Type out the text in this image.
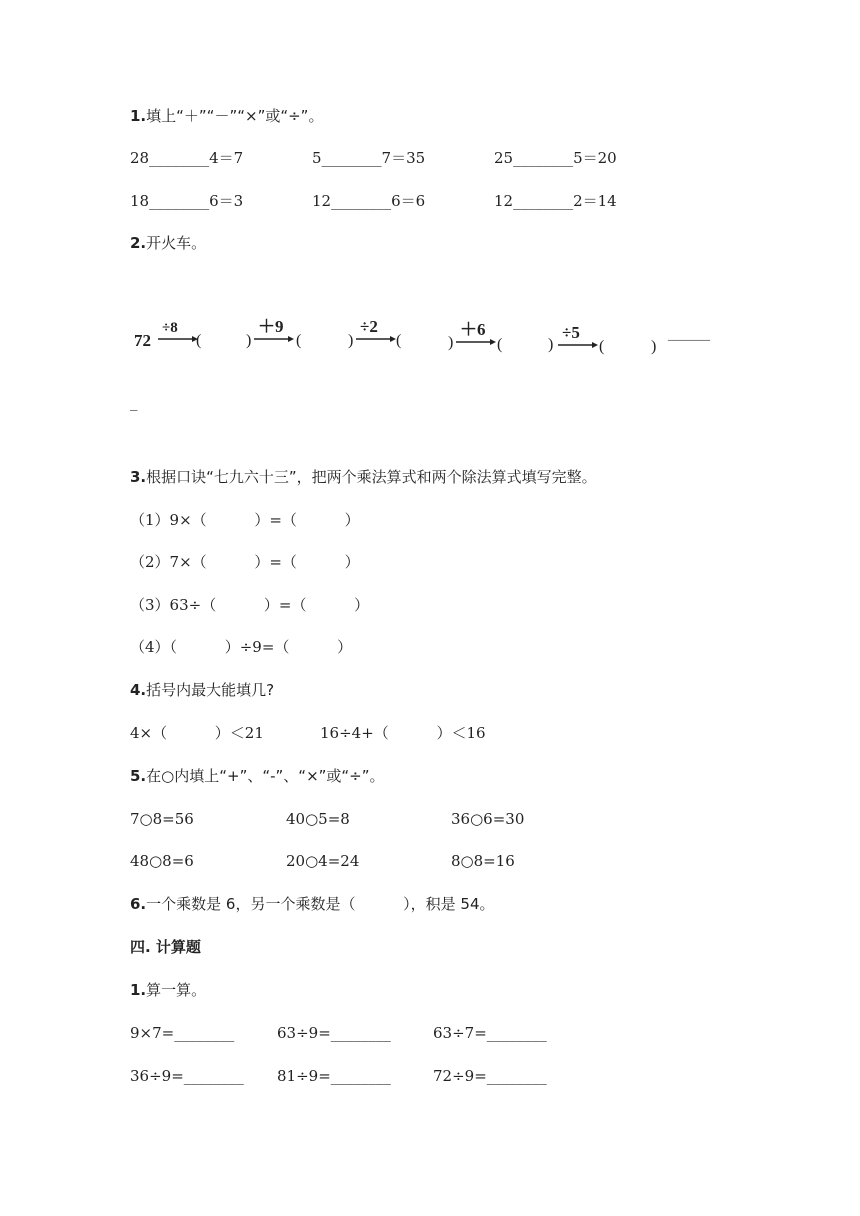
1.填上“＋”“－”“×”或“÷”。
28________4＝7	5________7＝35	25________5＝20
18________6＝3	12________6＝6	12________2＝14
2.开火车。
72
÷8
(	)
＋9
(	)
÷2
(	)
＋6
(	)
÷5
(	)
______
_
3.根据口诀“七九六十三”，把两个乘法算式和两个除法算式填写完整。
（1）9×（          ）=（          ）
（2）7×（          ）=（          ）
（3）63÷（          ）=（          ）
（4）（          ）÷9=（          ）
4.括号内最大能填几?
4×（          ）＜21	16÷4+（          ）＜16
5.在○内填上“+”、“-”、“×”或“÷”。
7○8=56	40○5=8	36○6=30
48○8=6	20○4=24	8○8=16
6.一个乘数是 6，另一个乘数是（          ），积是 54。
四. 计算题
1.算一算。
9×7=________	63÷9=________	63÷7=________
36÷9=________ 81÷9=________	72÷9=________
